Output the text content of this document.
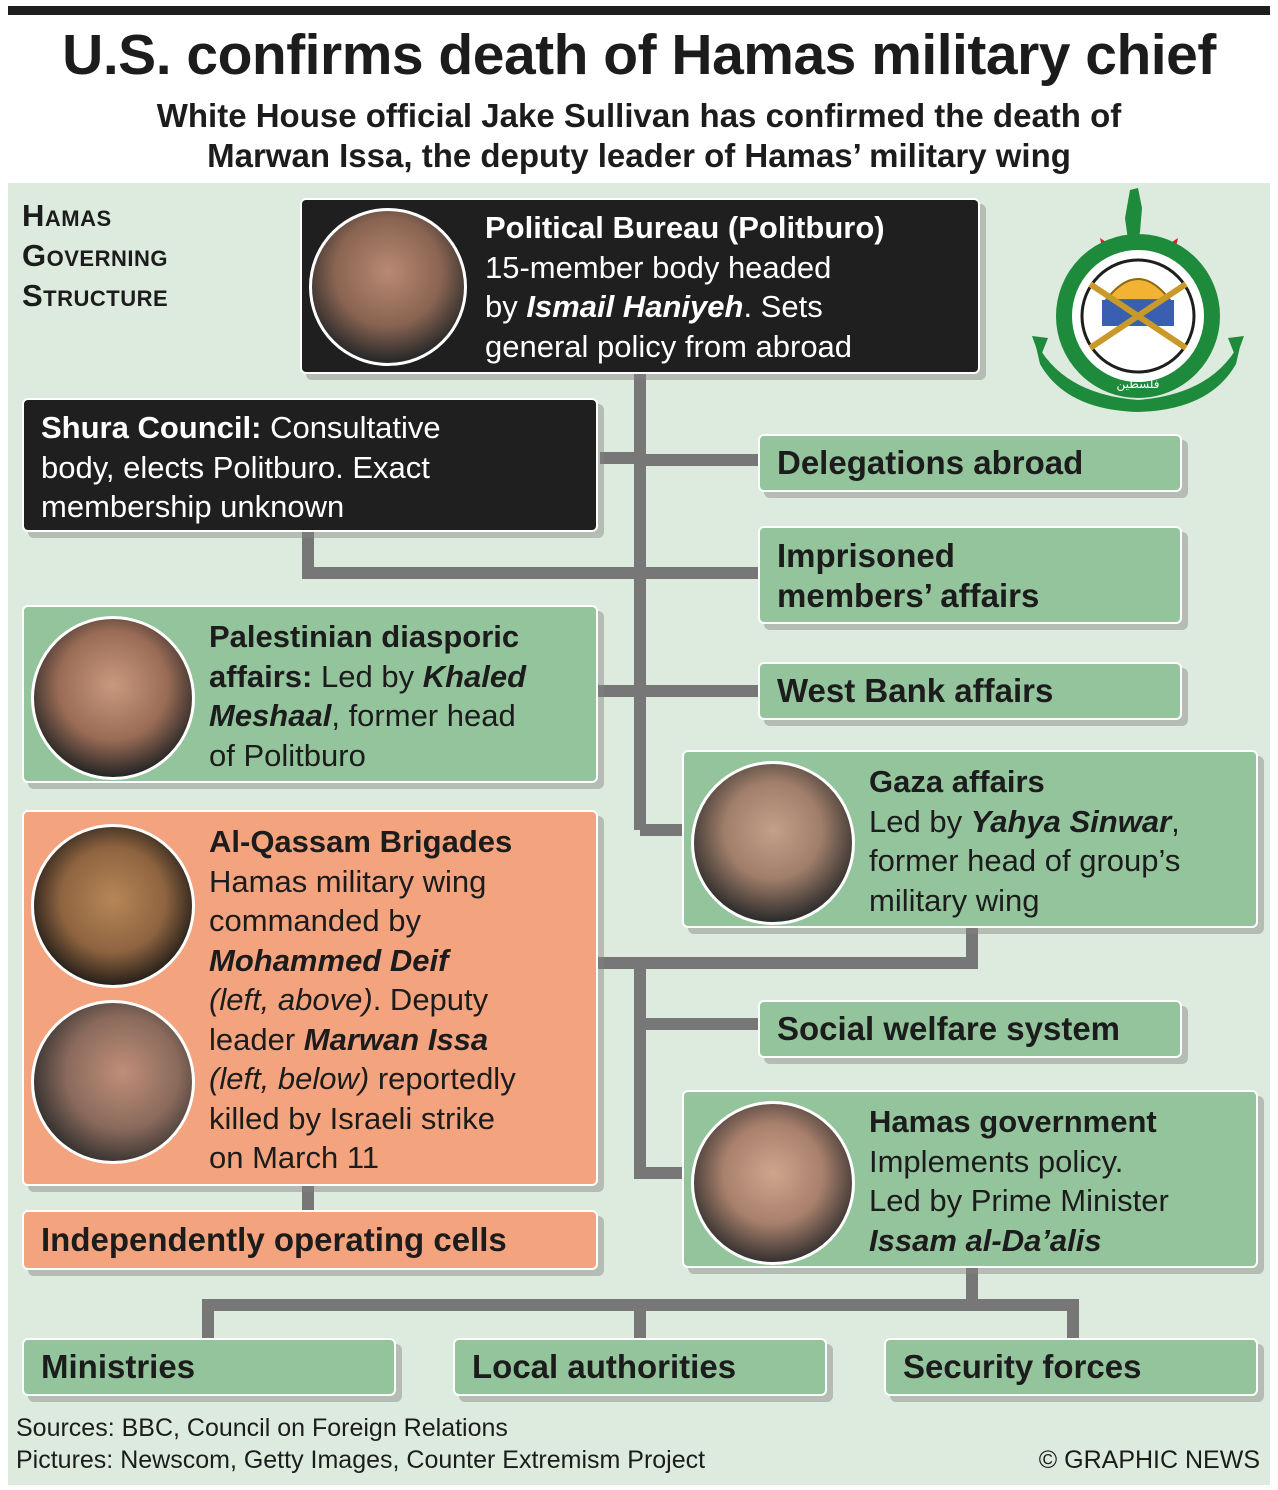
U.S. confirms death of Hamas military chief
White House official Jake Sullivan has confirmed the death of
Marwan Issa, the deputy leader of Hamas’ military wing
Hamas
Governing
Structure
فلسطين
Political Bureau (Politburo)
15-member body headed
by Ismail Haniyeh. Sets
general policy from abroad
Shura Council: Consultative
body, elects Politburo. Exact
membership unknown
Delegations abroad
Imprisoned
members’ affairs
West Bank affairs
Palestinian diasporic
affairs: Led by Khaled
Meshaal, former head
of Politburo
Gaza affairs
Led by Yahya Sinwar,
former head of group’s
military wing
Al-Qassam Brigades
Hamas military wing
commanded by
Mohammed Deif
(left, above). Deputy
leader Marwan Issa
(left, below) reportedly
killed by Israeli strike
on March 11
Independently operating cells
Social welfare system
Hamas government
Implements policy.
Led by Prime Minister
Issam al-Da’alis
Ministries	Local authorities	Security forces
Sources: BBC, Council on Foreign Relations
Pictures: Newscom, Getty Images, Counter Extremism Project	© GRAPHIC NEWS
